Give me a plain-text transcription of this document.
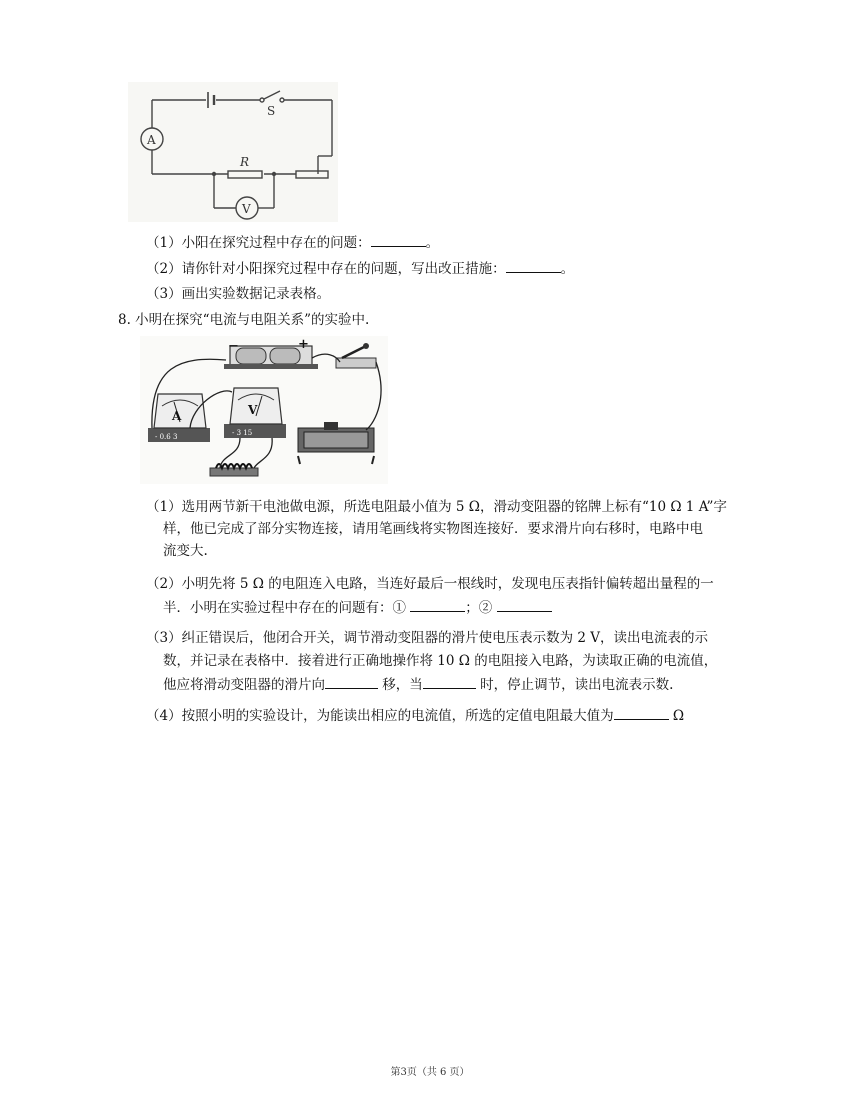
S
R
A
V
（1）小阳在探究过程中存在的问题：	。
（2）请你针对小阳探究过程中存在的问题，写出改正措施：	。
（3）画出实验数据记录表格。
8. 小明在探究“电流与电阻关系”的实验中.
−	+
A
- 0.6 3
V
- 3 15
（1）选用两节新干电池做电源，所选电阻最小值为 5 Ω，滑动变阻器的铭牌上标有“10 Ω 1 A”字
样，他已完成了部分实物连接，请用笔画线将实物图连接好．要求滑片向右移时，电路中电
流变大.
（2）小明先将 5 Ω 的电阻连入电路，当连好最后一根线时，发现电压表指针偏转超出量程的一
半．小明在实验过程中存在的问题有：①	；②
（3）纠正错误后，他闭合开关，调节滑动变阻器的滑片使电压表示数为 2 V，读出电流表的示
数，并记录在表格中．接着进行正确地操作将 10 Ω 的电阻接入电路，为读取正确的电流值，
他应将滑动变阻器的滑片向	移，当	时，停止调节，读出电流表示数.
（4）按照小明的实验设计，为能读出相应的电流值，所选的定值电阻最大值为	Ω
第3页（共 6 页）
